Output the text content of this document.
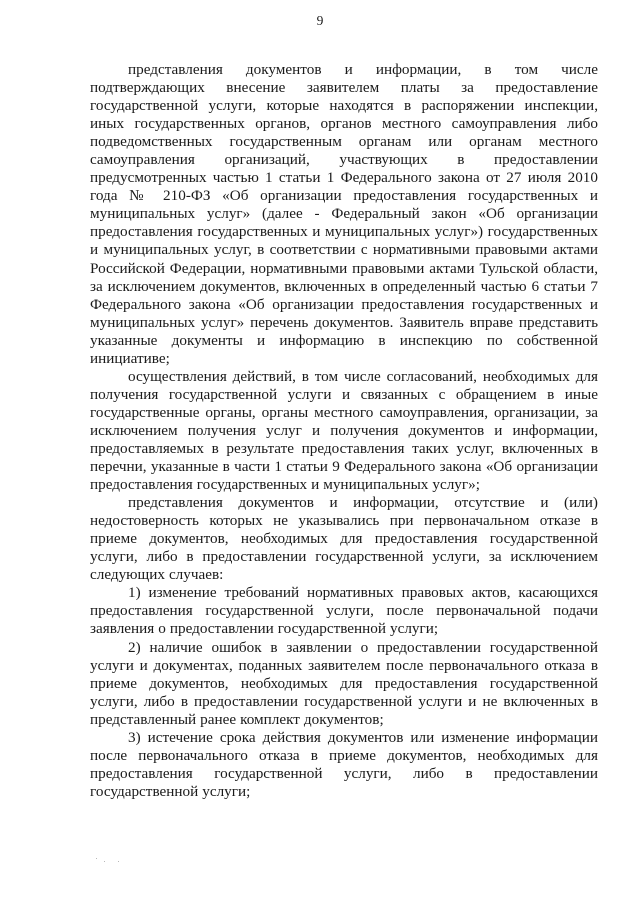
9

представления документов и информации, в том числе подтверждающих внесение заявителем платы за предоставление государственной услуги, которые находятся в распоряжении инспекции, иных государственных органов, органов местного самоуправления либо подведомственных государственным органам или органам местного самоуправления организаций, участвующих в предоставлении предусмотренных частью 1 статьи 1 Федерального закона от 27 июля 2010 года № 210-ФЗ «Об организации предоставления государственных и муниципальных услуг» (далее - Федеральный закон «Об организации предоставления государственных и муниципальных услуг») государственных и муниципальных услуг, в соответствии с нормативными правовыми актами Российской Федерации, нормативными правовыми актами Тульской области, за исключением документов, включенных в определенный частью 6 статьи 7 Федерального закона «Об организации предоставления государственных и муниципальных услуг» перечень документов. Заявитель вправе представить указанные документы и информацию в инспекцию по собственной инициативе;

осуществления действий, в том числе согласований, необходимых для получения государственной услуги и связанных с обращением в иные государственные органы, органы местного самоуправления, организации, за исключением получения услуг и получения документов и информации, предоставляемых в результате предоставления таких услуг, включенных в перечни, указанные в части 1 статьи 9 Федерального закона «Об организации предоставления государственных и муниципальных услуг»;

представления документов и информации, отсутствие и (или) недостоверность которых не указывались при первоначальном отказе в приеме документов, необходимых для предоставления государственной услуги, либо в предоставлении государственной услуги, за исключением следующих случаев:

1) изменение требований нормативных правовых актов, касающихся предоставления государственной услуги, после первоначальной подачи заявления о предоставлении государственной услуги;

2) наличие ошибок в заявлении о предоставлении государственной услуги и документах, поданных заявителем после первоначального отказа в приеме документов, необходимых для предоставления государственной услуги, либо в предоставлении государственной услуги и не включенных в представленный ранее комплект документов;

3) истечение срока действия документов или изменение информации после первоначального отказа в приеме документов, необходимых для предоставления государственной услуги, либо в предоставлении государственной услуги;
